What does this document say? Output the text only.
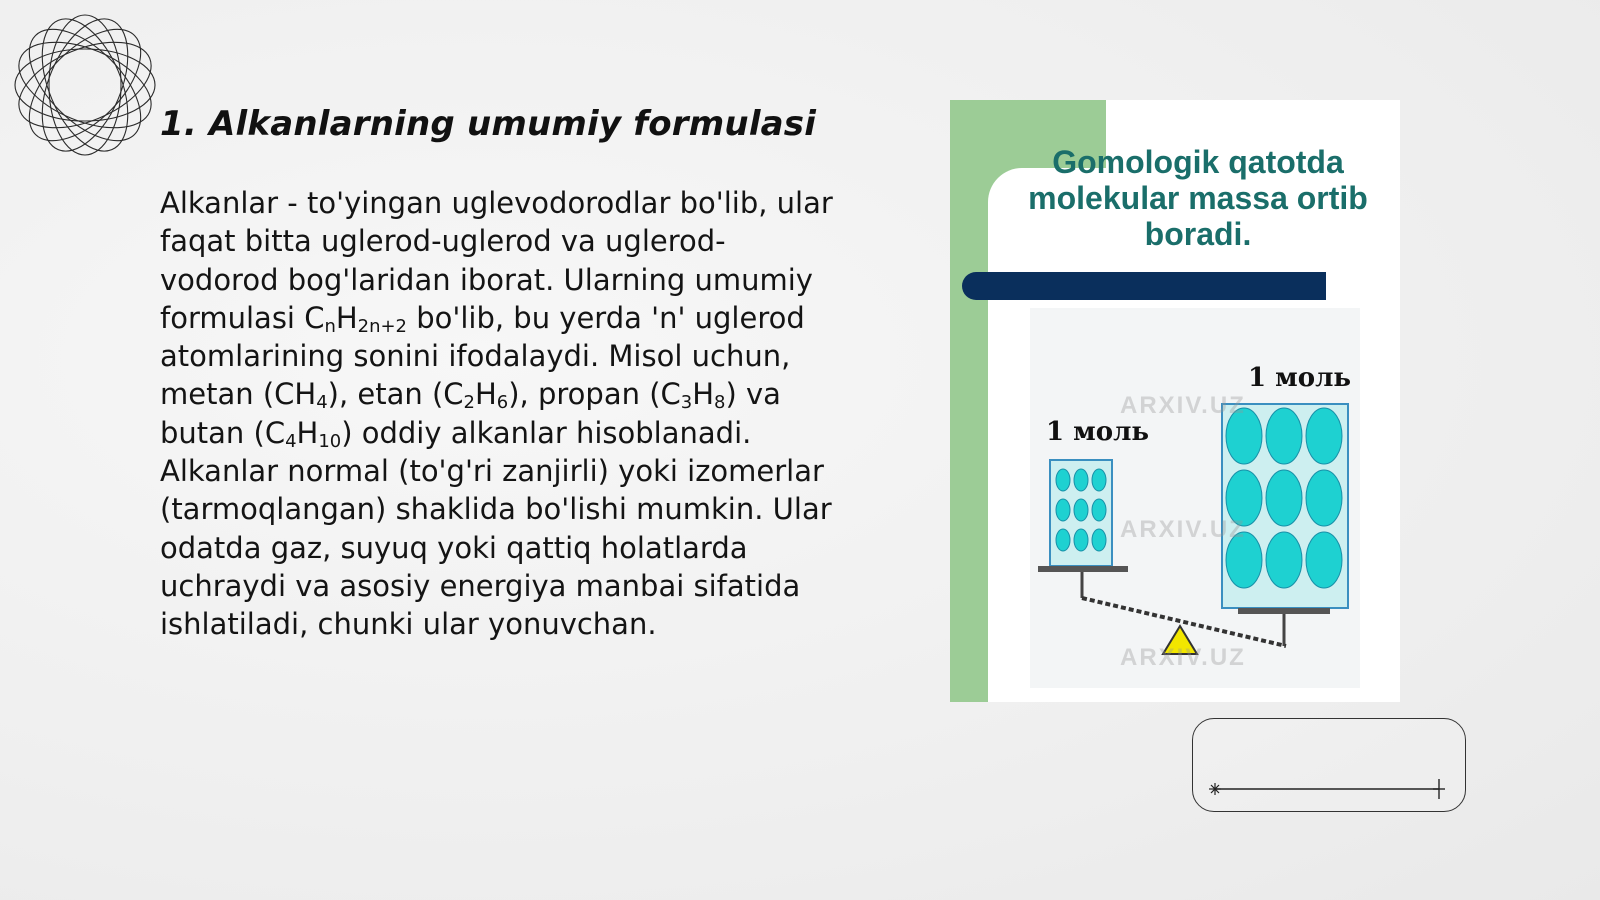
1. Alkanlarning umumiy formulasi

Alkanlar - to'yingan uglevodorodlar bo'lib, ular faqat bitta uglerod-uglerod va uglerod-vodorod bog'laridan iborat. Ularning umumiy formulasi $C_nH_{2n+2}$ bo'lib, bu yerda 'n' uglerod atomlarining sonini ifodalaydi. Misol uchun, metan $(CH_4)$, etan $(C_2H_6)$, propan $(C_3H_8)$ va butan $(C_4H_{10})$ oddiy alkanlar hisoblanadi. Alkanlar normal (to'g'ri zanjirli) yoki izomerlar (tarmoqlangan) shaklida bo'lishi mumkin. Ular odatda gaz, suyuq yoki qattiq holatlarda uchraydi va asosiy energiya manbai sifatida ishlatiladi, chunki ular yonuvchan.

Gomologik qatotda molekular massa ortib boradi.
1 моль
1 моль
ARXIV.UZ
ARXIV.UZ
ARXIV.UZ
